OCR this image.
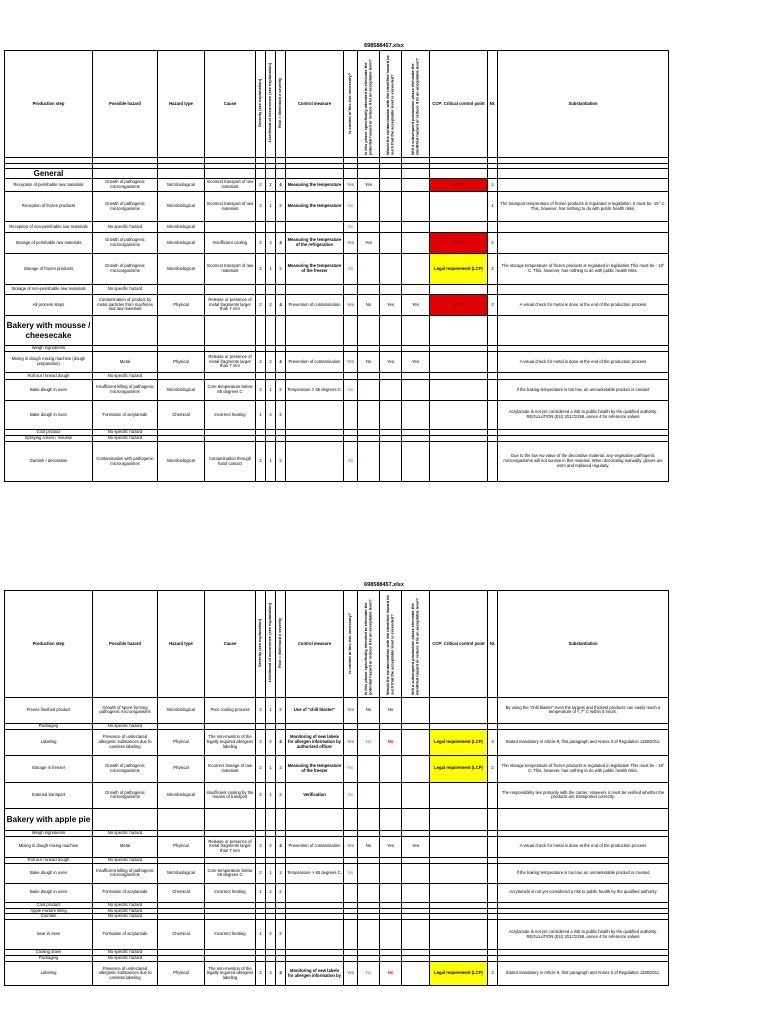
698588457.xlsx
Production step	Possible hazard	Hazard type	Cause	Severity (see explanation)	Likelihood of occurrence (see explanation)	Risk = likelihood x severity	Control measure	Is control of this risk necessary?	Is this phase specifically intended to eliminate the potential hazard or reduce it to an acceptable level?	Would the contamination with the identified hazard be such that the acceptable level is exceeded?	Will a subsequent production phase eliminate the identified hazard or reduce it to an acceptable level?	CCP: Critical control point	Nr.	Substantiation

General														
Reception of perishable raw materials	Growth of pathogenic microorganisms	Microbiological	Incorrect transport of raw materials	2	2	4	Measuring the temperature	Yes	Yes			CCP	1	
Reception of frozen products	Growth of pathogenic microorganisms	Microbiological	Incorrect transport of raw materials	2	1	2	Measuring the temperature	No					1	The transport temperature of frozen products is regulated in legislation. It must be -15° C. This, however, has nothing to do with public health risks.
Reception of non-perishable raw materials	No specific hazard	Microbiological						No						
Storage of perishable raw materials	Growth of pathogenic microorganisms	Microbiological	Insufficient cooling	2	2	4	Measuring the temperature of the refrigeration	Yes	Yes			CCP	2	
Storage of frozen products	Growth of pathogenic microorganisms	Microbiological	Incorrect transport of raw materials	2	1	2	Measuring the temperature of the freezer	No				Legal requirement (LCP)	2	The storage temperature of frozen products is regulated in legislation This must be - 18° C. This, however, has nothing to do with public health risks.
Storage of non-perishable raw materials	No specific hazard													
All process steps	Contamination of product by metal particles from machines and raw materials	Physical	Release or presence of metal fragments larger than 7 mm	2	2	4	Prevention of contamination	Yes	No	Yes	Yes	CCP	3	A visual check for metal is done at the end of the production process
Bakery with mousse / cheesecake														
Weigh ingredients														
Mixing in dough mixing machine (dough preparation)	Metal	Physical	Release or presence of metal fragments larger than 7 mm	2	2	4	Prevention of contamination	Yes	No	Yes	Yes			A visual check for metal is done at the end of the production process
Roll out / knead dough	No specific hazard													
Bake dough in oven	Insufficient killing of pathogenic microorganisms	Microbiological	Core temperature below 65 degrees C	2	1	2	Temperature > 65 degrees C.	No						If the baking temperature is too low, an unmarketable product is created
Bake dough in oven	Formation of acrylamide	Chemical	Incorrect heating	1	2	2								Acrylamide is not yet considered a risk to public health by the qualified authority. REGULATION (EU) 2017/2158, annex 4 for reference values
Cool product	No specific hazard													
Spraying cream / mousse	No specific hazard													
Garnish / decoration	Contamination with pathogenic microorganisms	Microbiological	Contamination through hand contact	2	1	2		No						Due to the low Aw value of the decorative material, any vegetative pathogenic microorganisms will not survive in this material. When decorating manually, gloves are worn and replaced regularly.
698588457.xlsx
Production step	Possible hazard	Hazard type	Cause	Severity (see explanation)	Likelihood of occurrence (see explanation)	Risk = likelihood x severity	Control measure	Is control of this risk necessary?	Is this phase specifically intended to eliminate the potential hazard or reduce it to an acceptable level?	Would the contamination with the identified hazard be such that the acceptable level is exceeded?	Will a subsequent production phase eliminate the identified hazard or reduce it to an acceptable level?	CCP: Critical control point	Nr.	Substantiation
Freeze finished product	Growth of spore-forming pathogenic microorganisms	Microbiological	Poor cooling process	2	1	2	Use of "chill blaster"	Yes	No	No				By using the "chill blaster" even the largest and thickest products can easily reach a temperature of < 7° C within 5 hours.
Packaging	No specific hazard													
Labeling	Presence of undeclared allergenic substances due to careless labeling	Physical	The non-mention of the legally required allergens labeling	2	2	4	Monitoring of new labels for allergen information by authorized officer	Yes	No	No		Legal requirement (LCP)	3	Stated mandatory in Article 9, first paragraph and Annex II of Regulation 1169/2011.
Storage in freezer	Growth of pathogenic microorganisms	Physical	Incorrect storage of raw materials	2	1	2	Measuring the temperature of the freezer	No				Legal requirement (LCP)	2	The storage temperature of frozen products is regulated in legislation This must be - 18° C. This, however, has nothing to do with public health risks.
External transport	Growth of pathogenic microorganisms	Microbiological	Insufficient cooling by the means of transport	2	1	2	Verification	No						The responsibility lies primarily with the carrier. However, it must be verified whether the products are transported correctly.
Bakery with apple pie														
Weigh ingredients	No specific hazard													
Mixing in dough mixing machine	Metal	Physical	Release or presence of metal fragments larger than 7 mm	2	2	4	Prevention of contamination	Yes	No	Yes	Yes			A visual check for metal is done at the end of the production process
Roll out / knead dough	No specific hazard													
Bake dough in oven	Insufficient killing of pathogenic microorganisms	Microbiological	Core temperature below 65 degrees C	2	1	2	Temperature > 65 degrees C.	No						If the baking temperature is too low, an unmarketable product is created
Bake dough in oven	Formation of acrylamide	Chemical	Incorrect heating	1	2	2								Acrylamide is not yet considered a risk to public health by the qualified authority
Cool product	No specific hazard													
Apple mixture filling	No specific hazard													
Crumble	No specific hazard													
Sear in oven	Formation of acrylamide	Chemical	Incorrect heating	1	2	2								Acrylamide is not yet considered a risk to public health by the qualified authority. REGULATION (EU) 2017/2158, annex 4 for reference values
Cooling down	No specific hazard													
Packaging	No specific hazard													
Labeling	Presence of undeclared allergenic substances due to careless labeling	Physical	The non-mention of the legally required allergens labeling	2	2	4	Monitoring of new labels for allergen information by	Yes	No	No		Legal requirement (LCP)	3	Stated mandatory in Article 9, first paragraph and Annex II of Regulation 1169/2011.
